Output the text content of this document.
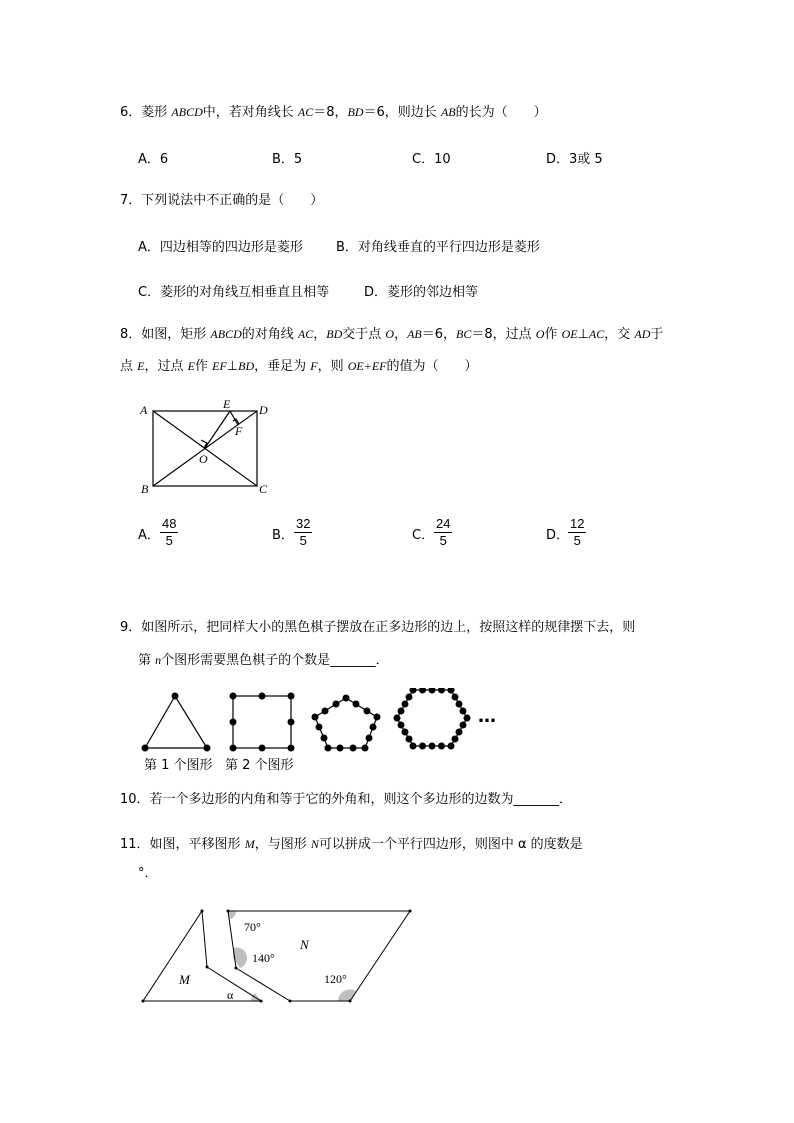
6．菱形 ABCD中，若对角线长 AC＝8，BD＝6，则边长 AB的长为（　　）
A．6	B．5	C．10	D．3或 5
7．下列说法中不正确的是（　　）
A．四边相等的四边形是菱形	B．对角线垂直的平行四边形是菱形
C．菱形的对角线互相垂直且相等	D．菱形的邻边相等
8．如图，矩形 ABCD的对角线 AC，BD交于点 O，AB＝6，BC＝8，过点 O作 OE⊥AC，交 AD于
点 E，过点 E作 EF⊥BD，垂足为 F，则 OE+EF的值为（　　）
A	E D
F
O
B	C
A． $\frac{48}{5}$	B． $\frac{32}{5}$	C． $\frac{24}{5}$	D．
$\frac{12}{5}$
9．如图所示，把同样大小的黑色棋子摆放在正多边形的边上，按照这样的规律摆下去，则
第 n个图形需要黑色棋子的个数是_______．
…
第 1 个图形 第 2 个图形
10．若一个多边形的内角和等于它的外角和，则这个多边形的边数为_______．
11．如图，平移图形 M，与图形 N可以拼成一个平行四边形，则图中 α 的度数是
°．
70°
140°
120°
N
M
α
